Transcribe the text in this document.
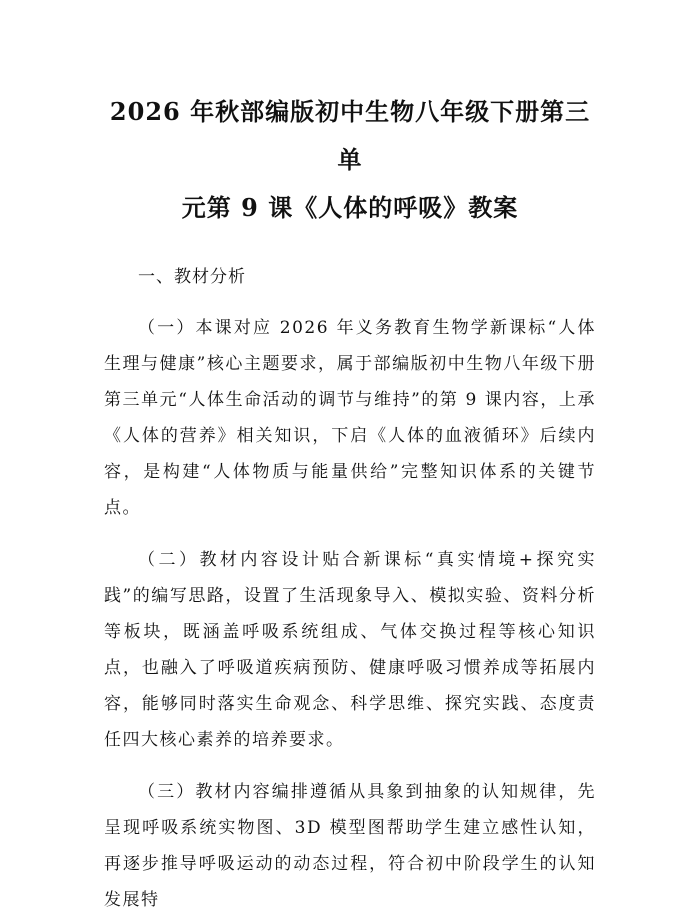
2026 年秋部编版初中生物八年级下册第三单
元第 9 课《人体的呼吸》教案

一、教材分析

（一）本课对应 2026 年义务教育生物学新课标“人体生理与健康”核心主题要求，属于部编版初中生物八年级下册第三单元“人体生命活动的调节与维持”的第 9 课内容，上承《人体的营养》相关知识，下启《人体的血液循环》后续内容，是构建“人体物质与能量供给”完整知识体系的关键节点。

（二）教材内容设计贴合新课标“真实情境+探究实践”的编写思路，设置了生活现象导入、模拟实验、资料分析等板块，既涵盖呼吸系统组成、气体交换过程等核心知识点，也融入了呼吸道疾病预防、健康呼吸习惯养成等拓展内容，能够同时落实生命观念、科学思维、探究实践、态度责任四大核心素养的培养要求。

（三）教材内容编排遵循从具象到抽象的认知规律，先呈现呼吸系统实物图、3D 模型图帮助学生建立感性认知，再逐步推导呼吸运动的动态过程，符合初中阶段学生的认知发展特
